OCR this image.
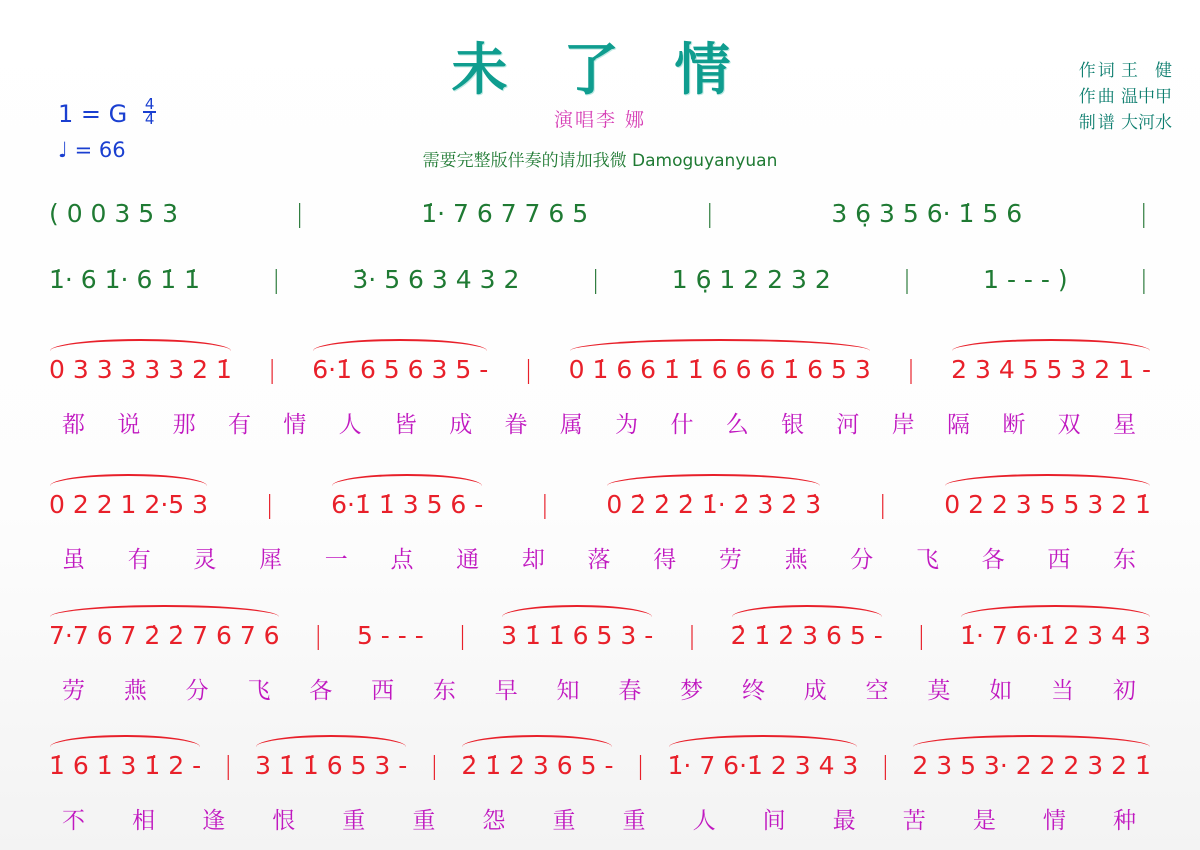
未 了 情
演唱李 娜
需要完整版伴奏的请加我微 Damoguyanyuan
作词 王　健
作曲 温中甲
制谱 大河水
1 = G $\frac{4}{4}$
♩ = 66
( 0 0 3 5 3	|	1̇· 7 6 7 7 6 5	|	3 6̣ 3 5 6· 1̇ 5 6	|
1̇· 6 1̇· 6 1̇ 1̇	|	3̇· 5 6 3 4 3 2	|	1 6̣ 1 2 2 3 2	|	1 - - - )	|
0 3 3 3 3 3 2 1̇ | 6·1̇ 6 5 6 3 5 - | 0 1̇ 6 6 1̇ 1̇ 6 6 6 1̇ 6 5 3 | 2 3 4 5 5 3 2 1 -
都 说 那 有 情 人 皆 成 眷 属 为 什 么 银 河 岸 隔 断 双 星
0 2 2 1 2·5 3 | 6·1̇ 1̇ 3 5 6 - | 0 2̇ 2̇ 2̇ 1̇· 2̇ 3̇ 2̇ 3̇ | 0 2 2 3 5 5 3 2 1̇
虽 有 灵 犀 一 点 通 却 落 得 劳 燕 分 飞 各 西 东
7·7 6 7 2̇ 2̇ 7 6 7 6 | 5 - - - | 3 1̇ 1̇ 6 5 3 - | 2̇ 1̇ 2̇ 3 6 5 - | 1̇· 7 6·1̇ 2 3 4 3
劳 燕 分 飞 各 西 东 早 知 春 梦 终 成 空 莫 如 当 初
1̇ 6 1̇ 3 1̇ 2 - | 3 1̇ 1̇ 6 5 3 - | 2̇ 1̇ 2̇ 3 6 5 - | 1̇· 7 6·1̇ 2 3 4 3 | 2 3 5 3· 2 2 2 3 2 1̇
不 相 逢 恨 重 重 怨 重 重 人 间 最 苦 是 情 种
